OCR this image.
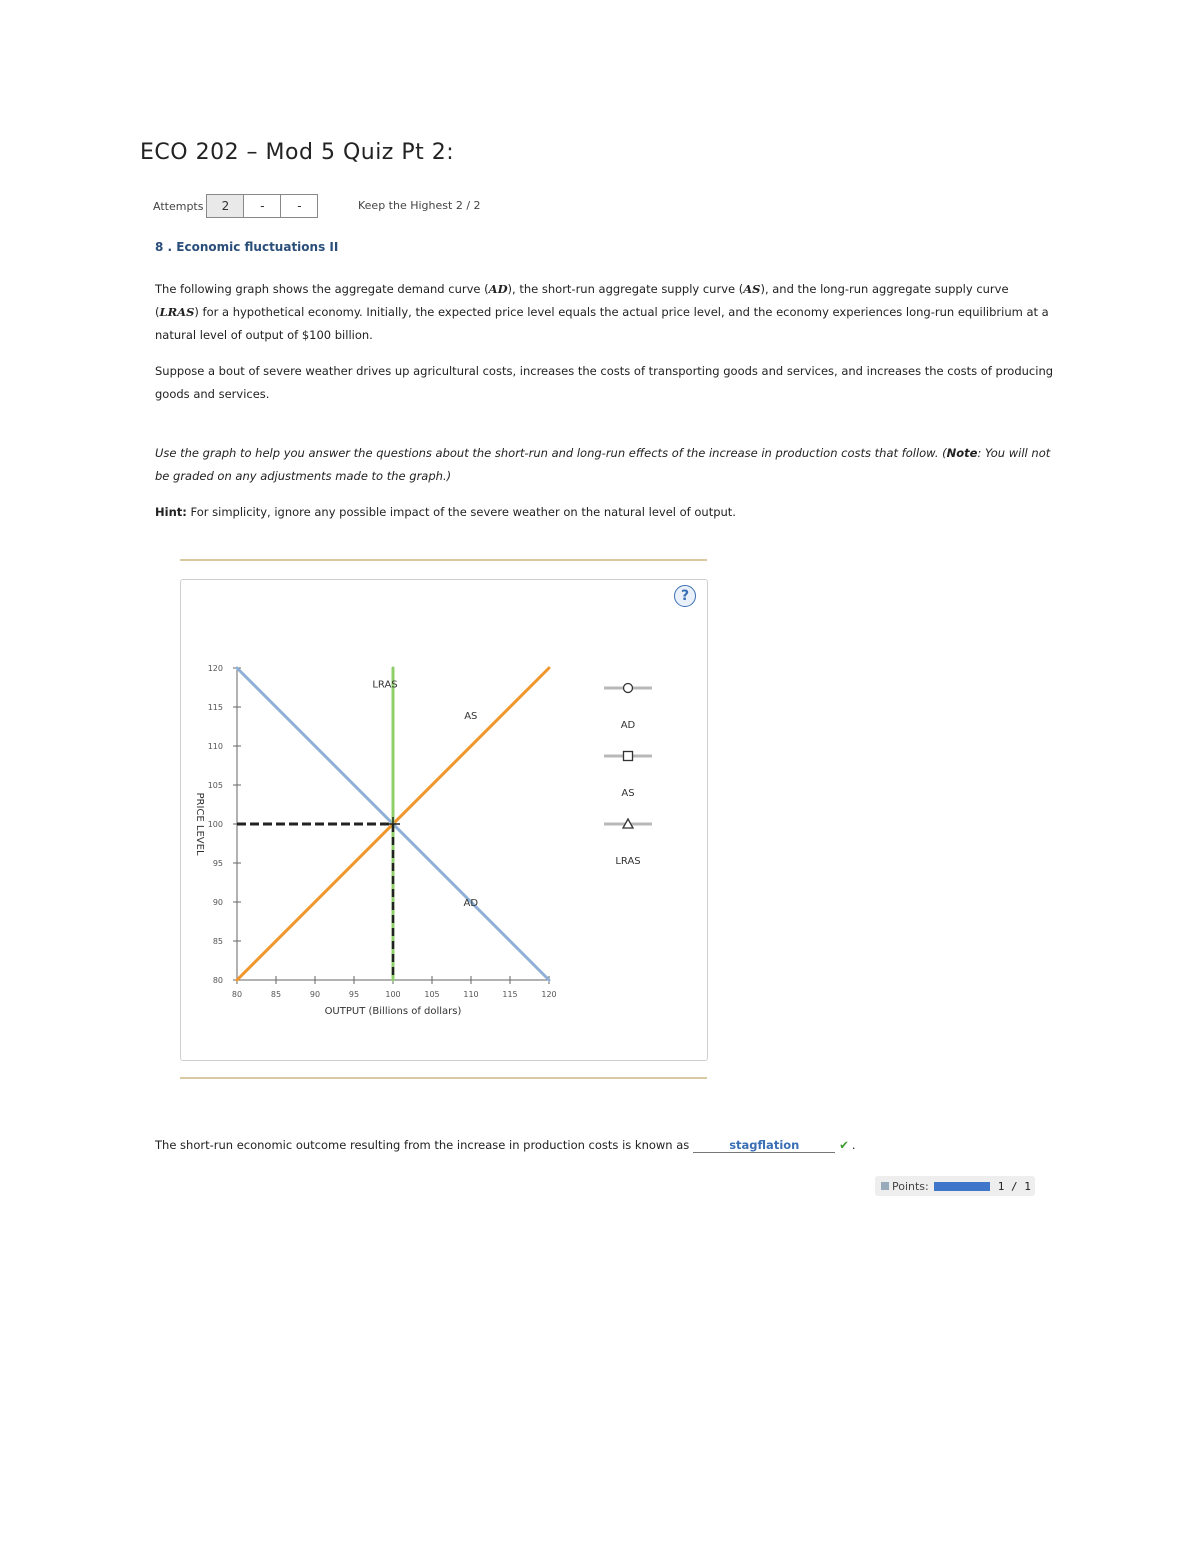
ECO 202 – Mod 5 Quiz Pt 2:
Attempts	2	-	-	Keep the Highest 2 / 2
8 . Economic fluctuations II
The following graph shows the aggregate demand curve (AD), the short-run aggregate supply curve (AS), and the long-run aggregate supply curve (LRAS) for a hypothetical economy. Initially, the expected price level equals the actual price level, and the economy experiences long-run equilibrium at a natural level of output of $100 billion.
Suppose a bout of severe weather drives up agricultural costs, increases the costs of transporting goods and services, and increases the costs of producing goods and services.
Use the graph to help you answer the questions about the short-run and long-run effects of the increase in production costs that follow. (Note: You will not be graded on any adjustments made to the graph.)
Hint: For simplicity, ignore any possible impact of the severe weather on the natural level of output.
?
80
85
90
95
100
105
110
115
120
80	85	90	95	100	105	110	115	120
OUTPUT (Billions of dollars)
PRICE LEVEL
AD
AS
LRAS
AD
AS
LRAS
The short-run economic outcome resulting from the increase in production costs is known as	stagflation	✔ .
Points:	1 / 1
